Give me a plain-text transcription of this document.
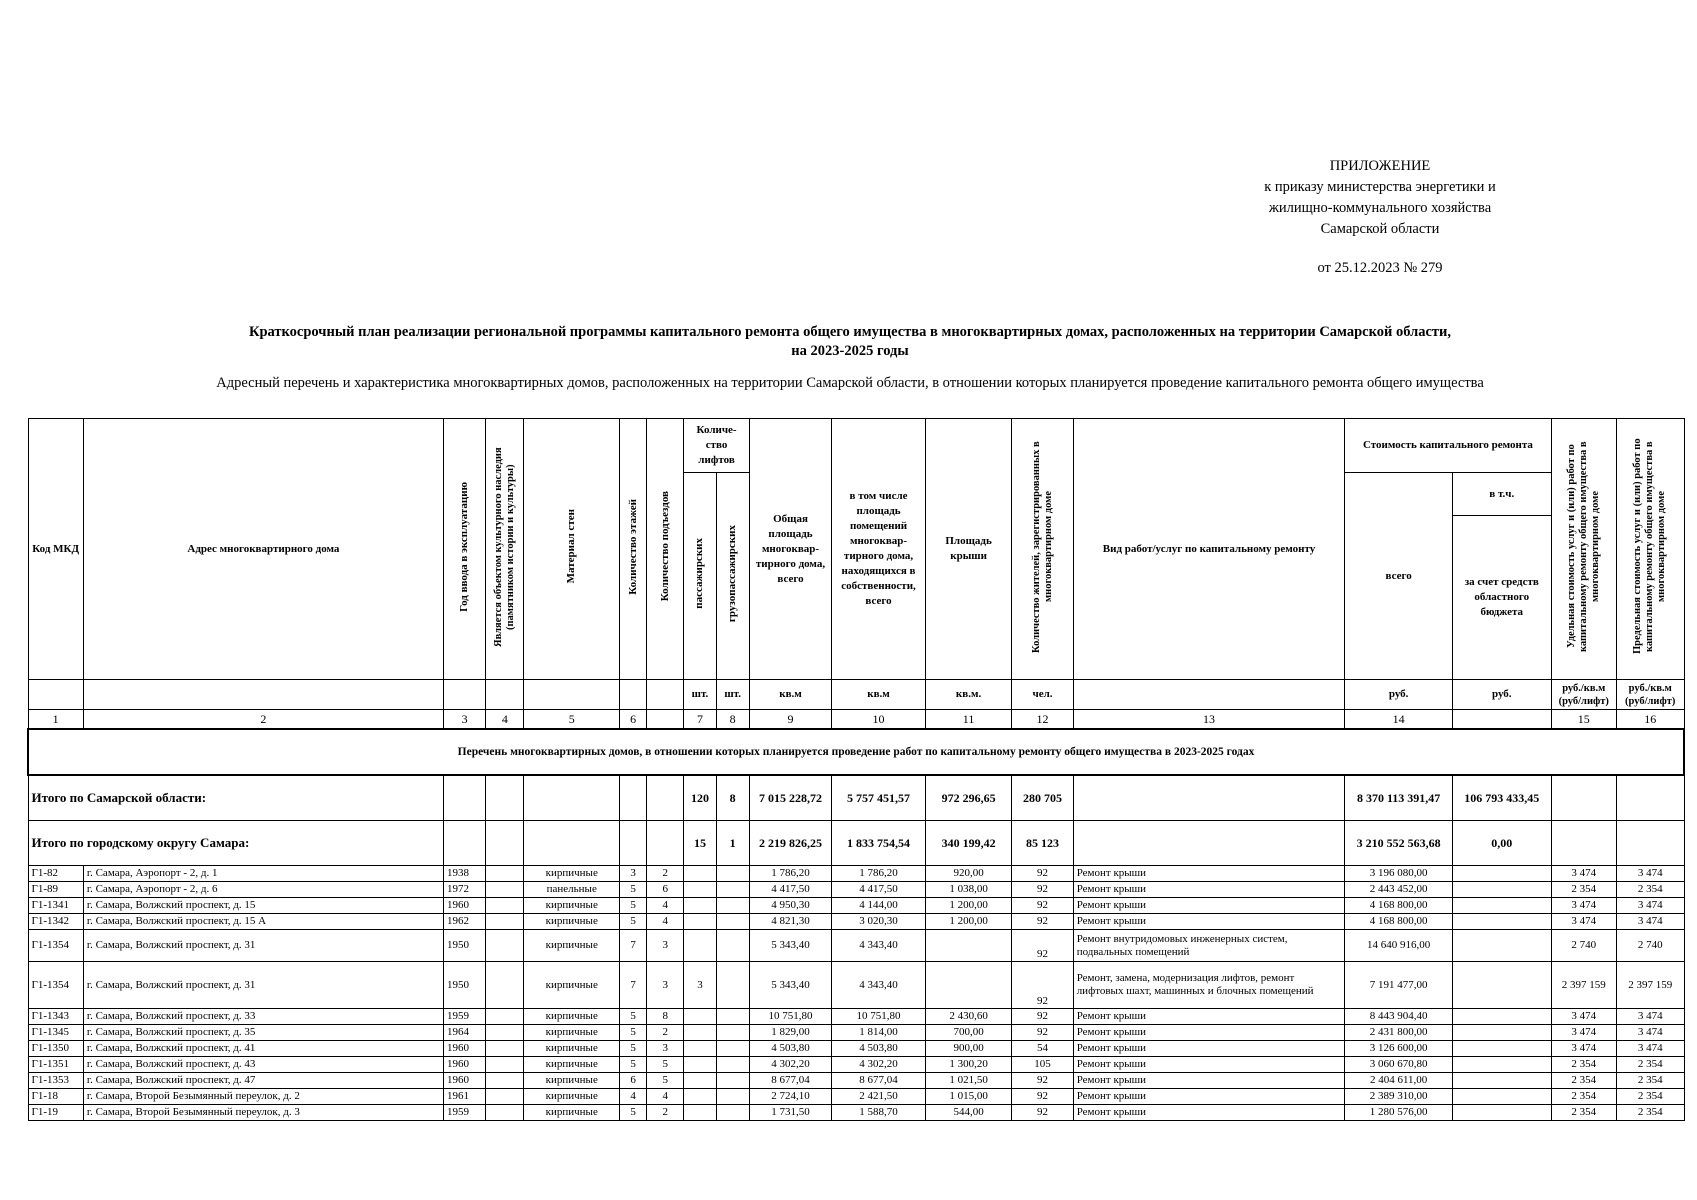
ПРИЛОЖЕНИЕ
к приказу министерства энергетики и
жилищно-коммунального хозяйства
Самарской области
от 25.12.2023 № 279
Краткосрочный план реализации региональной программы капитального ремонта общего имущества в многоквартирных домах, расположенных на территории Самарской области,
на 2023-2025 годы
Адресный перечень и характеристика многоквартирных домов, расположенных на территории Самарской области, в отношении которых планируется проведение капитального ремонта общего имущества
Код МКД	Адрес многоквартирного дома	Год ввода в эксплуатацию	Является объектом культурного наследия (памятником истории и культуры)	Материал стен	Количество этажей	Количество подъездов	Количе-ство лифтов		Общая площадь многоквар-тирного дома, всего	в том числе площадь помещений многоквар-тирного дома, находящихся в собственности, всего	Площадь крыши	Количество жителей, зарегистрированных в многоквартирном доме	Вид работ/услуг по капитальному ремонту	Стоимость капитального ремонта		Удельная стоимость услуг и (или) работ по капитальному ремонту общего имущества в многоквартирном доме	Предельная стоимость услуг и (или) работ по капитальному ремонту общего имущества в многоквартирном доме
							пассажирских	грузопассажирских						всего	в т.ч.		
															за счет средств областного бюджета		
							шт.	шт.	кв.м	кв.м	кв.м.	чел.		руб.	руб.	руб./кв.м (руб/лифт)	руб./кв.м (руб/лифт)
1	2	3	4	5	6		7	8	9	10	11	12	13	14		15	16
Перечень многоквартирных домов, в отношении которых планируется проведение работ по капитальному ремонту общего имущества в 2023-2025 годах																	
Итого по Самарской области:							120	8	7 015 228,72	5 757 451,57	972 296,65	280 705		8 370 113 391,47	106 793 433,45		
Итого по городскому округу Самара:							15	1	2 219 826,25	1 833 754,54	340 199,42	85 123		3 210 552 563,68	0,00		
Г1-82	г. Самара, Аэропорт - 2, д. 1	1938		кирпичные	3	2			1 786,20	1 786,20	920,00	92	Ремонт крыши	3 196 080,00		3 474	3 474
Г1-89	г. Самара, Аэропорт - 2, д. 6	1972		панельные	5	6			4 417,50	4 417,50	1 038,00	92	Ремонт крыши	2 443 452,00		2 354	2 354
Г1-1341	г. Самара, Волжский проспект, д. 15	1960		кирпичные	5	4			4 950,30	4 144,00	1 200,00	92	Ремонт крыши	4 168 800,00		3 474	3 474
Г1-1342	г. Самара, Волжский проспект, д. 15 А	1962		кирпичные	5	4			4 821,30	3 020,30	1 200,00	92	Ремонт крыши	4 168 800,00		3 474	3 474
Г1-1354	г. Самара, Волжский проспект, д. 31	1950		кирпичные	7	3			5 343,40	4 343,40		92	Ремонт внутридомовых инженерных систем, подвальных помещений	14 640 916,00		2 740	2 740
Г1-1354	г. Самара, Волжский проспект, д. 31	1950		кирпичные	7	3	3		5 343,40	4 343,40		92	Ремонт, замена, модернизация лифтов, ремонт лифтовых шахт, машинных и блочных помещений	7 191 477,00		2 397 159	2 397 159
Г1-1343	г. Самара, Волжский проспект, д. 33	1959		кирпичные	5	8			10 751,80	10 751,80	2 430,60	92	Ремонт крыши	8 443 904,40		3 474	3 474
Г1-1345	г. Самара, Волжский проспект, д. 35	1964		кирпичные	5	2			1 829,00	1 814,00	700,00	92	Ремонт крыши	2 431 800,00		3 474	3 474
Г1-1350	г. Самара, Волжский проспект, д. 41	1960		кирпичные	5	3			4 503,80	4 503,80	900,00	54	Ремонт крыши	3 126 600,00		3 474	3 474
Г1-1351	г. Самара, Волжский проспект, д. 43	1960		кирпичные	5	5			4 302,20	4 302,20	1 300,20	105	Ремонт крыши	3 060 670,80		2 354	2 354
Г1-1353	г. Самара, Волжский проспект, д. 47	1960		кирпичные	6	5			8 677,04	8 677,04	1 021,50	92	Ремонт крыши	2 404 611,00		2 354	2 354
Г1-18	г. Самара, Второй Безымянный переулок, д. 2	1961		кирпичные	4	4			2 724,10	2 421,50	1 015,00	92	Ремонт крыши	2 389 310,00		2 354	2 354
Г1-19	г. Самара, Второй Безымянный переулок, д. 3	1959		кирпичные	5	2			1 731,50	1 588,70	544,00	92	Ремонт крыши	1 280 576,00		2 354	2 354
